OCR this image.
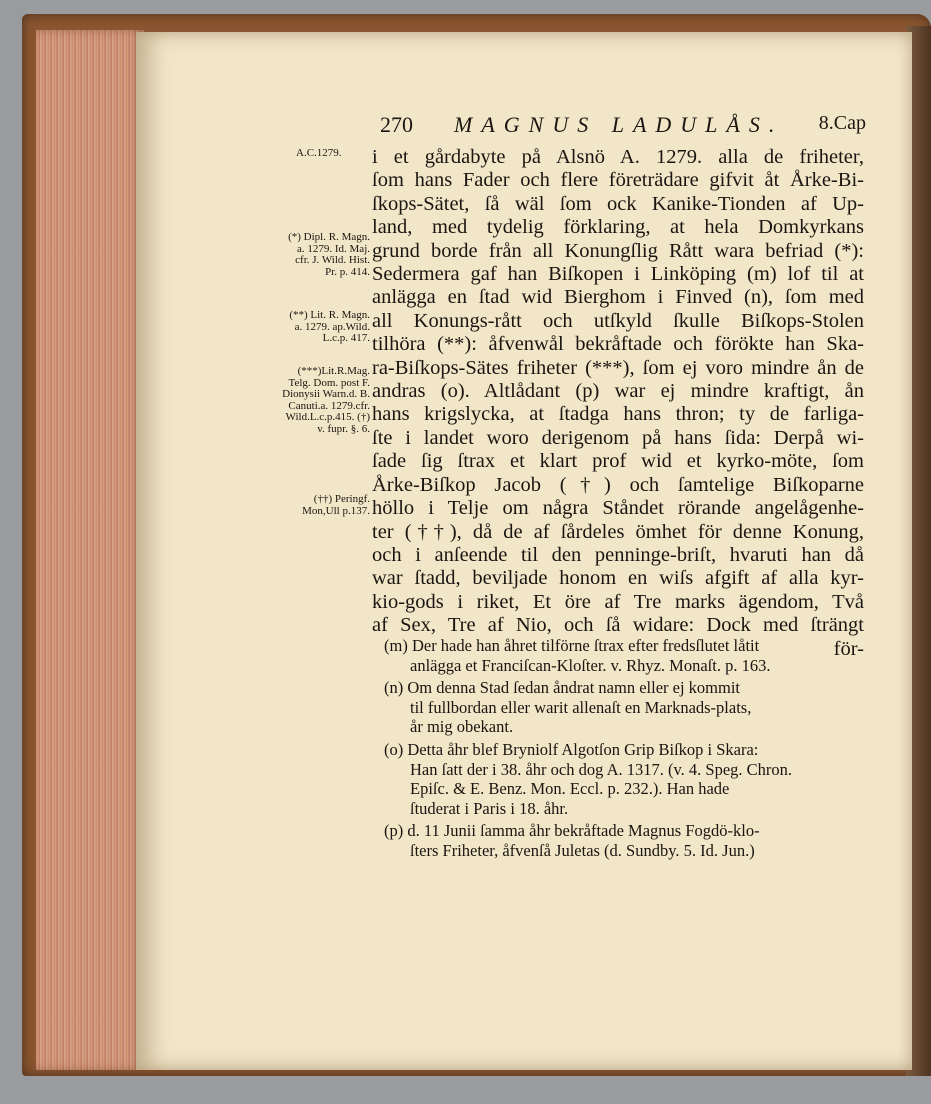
270 MAGNUS LADULÅS. 8.Cap
A.C.1279.
(*) Dipl. R. Magn. a. 1279. Id. Maj. cfr. J. Wild. Hist. Pr. p. 414.
(**) Lit. R. Magn. a. 1279. ap.Wild. L.c.p. 417.
(***)Lit.R.Mag. Telg. Dom. post F. Dionysii Warn.d. B. Canuti.a. 1279.cfr. Wild.L.c.p.415. (†) v. fupr. §. 6.
(††) Peringf. Mon,Ull p.137.
i et gårdabyte på Alsnö A. 1279. alla de friheter,
ſom hans Fader och flere företrädare gifvit åt Årke-Bi-
ſkops-Sätet, ſå wäl ſom ock Kanike-Tionden af Up-
land, med tydelig förklaring, at hela Domkyrkans
grund borde från all Konungſlig Rått wara befriad (*):
Sedermera gaf han Biſkopen i Linköping (m) lof til at
anlägga en ſtad wid Bierghom i Finved (n), ſom med
all Konungs-rått och utſkyld ſkulle Biſkops-Stolen
tilhöra (**): åfvenwål bekråftade och förökte han Ska-
ra-Biſkops-Sätes friheter (***), ſom ej voro mindre ån de
andras (o). Altlådant (p) war ej mindre kraftigt, ån
hans krigslycka, at ſtadga hans thron; ty de farliga-
ſte i landet woro derigenom på hans ſida: Derpå wi-
ſade ſig ſtrax et klart prof wid et kyrko-möte, ſom
Årke-Biſkop Jacob (†) och ſamtelige Biſkoparne
höllo i Telje om några Ståndet rörande angelågenhe-
ter (††), då de af ſårdeles ömhet för denne Konung,
och i anſeende til den penninge-briſt, hvaruti han då
war ſtadd, beviljade honom en wiſs afgift af alla kyr-
kio-gods i riket, Et öre af Tre marks ägendom, Två
af Sex, Tre af Nio, och ſå widare: Dock med ſträngt
för-
(m) Der hade han åhret tilförne ſtrax efter fredsſlutet låtit
anlägga et Franciſcan-Kloſter. v. Rhyz. Monaſt. p. 163.
(n) Om denna Stad ſedan åndrat namn eller ej kommit
til fullbordan eller warit allenaſt en Marknads-plats,
år mig obekant.
(o) Detta åhr blef Bryniolf Algotſon Grip Biſkop i Skara:
Han ſatt der i 38. åhr och dog A. 1317. (v. 4. Speg. Chron.
Epiſc. & E. Benz. Mon. Eccl. p. 232.). Han hade
ſtuderat i Paris i 18. åhr.
(p) d. 11 Junii ſamma åhr bekråftade Magnus Fogdö-klo-
ſters Friheter, åfvenſå Juletas (d. Sundby. 5. Id. Jun.)
